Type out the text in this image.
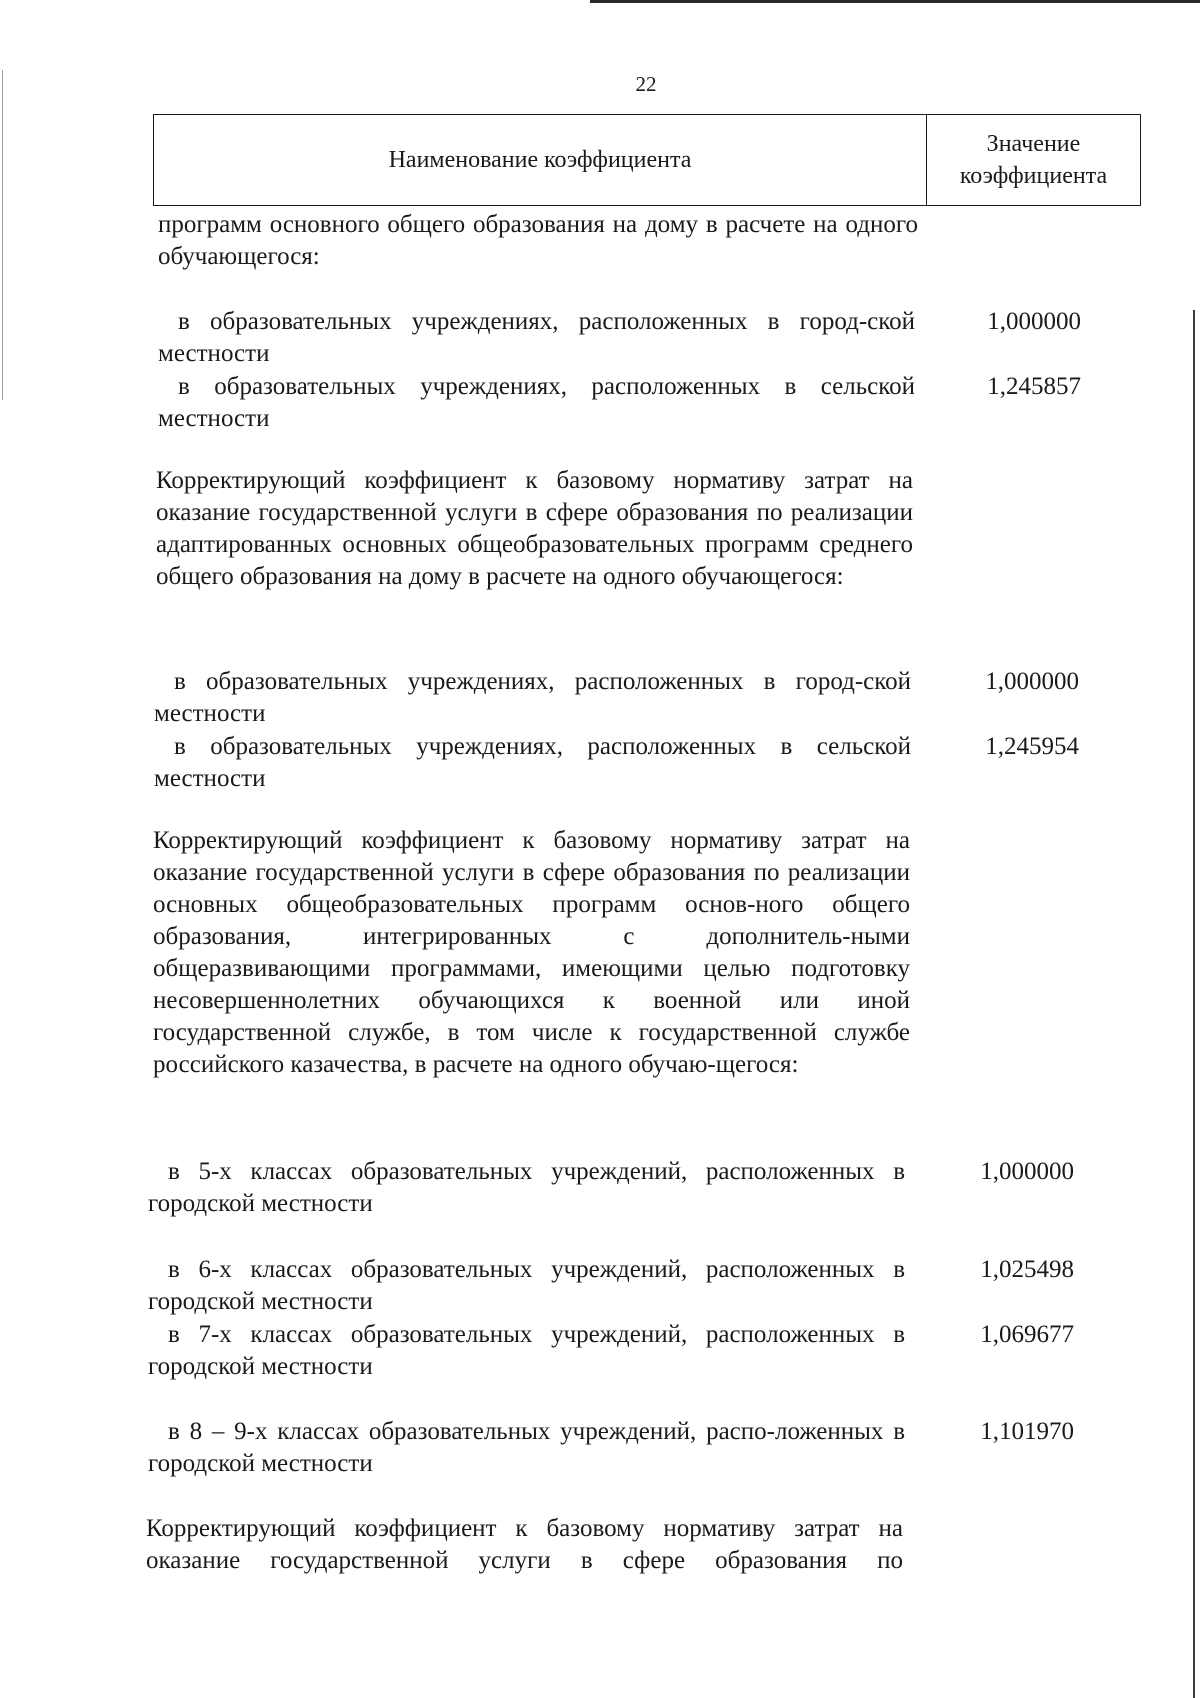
22
Наименование коэффициента
Значение
коэффициента
программ основного общего образования на дому в расчете на одного обучающегося:
в образовательных учреждениях, расположенных в город-ской местности
1,000000
в образовательных учреждениях, расположенных в сельской местности
1,245857
Корректирующий коэффициент к базовому нормативу затрат на оказание государственной услуги в сфере образования по реализации адаптированных основных общеобразовательных программ среднего общего образования на дому в расчете на одного обучающегося:
в образовательных учреждениях, расположенных в город-ской местности
1,000000
в образовательных учреждениях, расположенных в сельской местности
1,245954
Корректирующий коэффициент к базовому нормативу затрат на оказание государственной услуги в сфере образования по реализации основных общеобразовательных программ основ-ного общего образования, интегрированных с дополнитель-ными общеразвивающими программами, имеющими целью подготовку несовершеннолетних обучающихся к военной или иной государственной службе, в том числе к государственной службе российского казачества, в расчете на одного обучаю-щегося:
в 5-х классах образовательных учреждений, расположенных в городской местности
1,000000
в 6-х классах образовательных учреждений, расположенных в городской местности
1,025498
в 7-х классах образовательных учреждений, расположенных в городской местности
1,069677
в 8 – 9-х классах образовательных учреждений, распо-ложенных в городской местности
1,101970
Корректирующий коэффициент к базовому нормативу затрат на оказание государственной услуги в сфере образования по
